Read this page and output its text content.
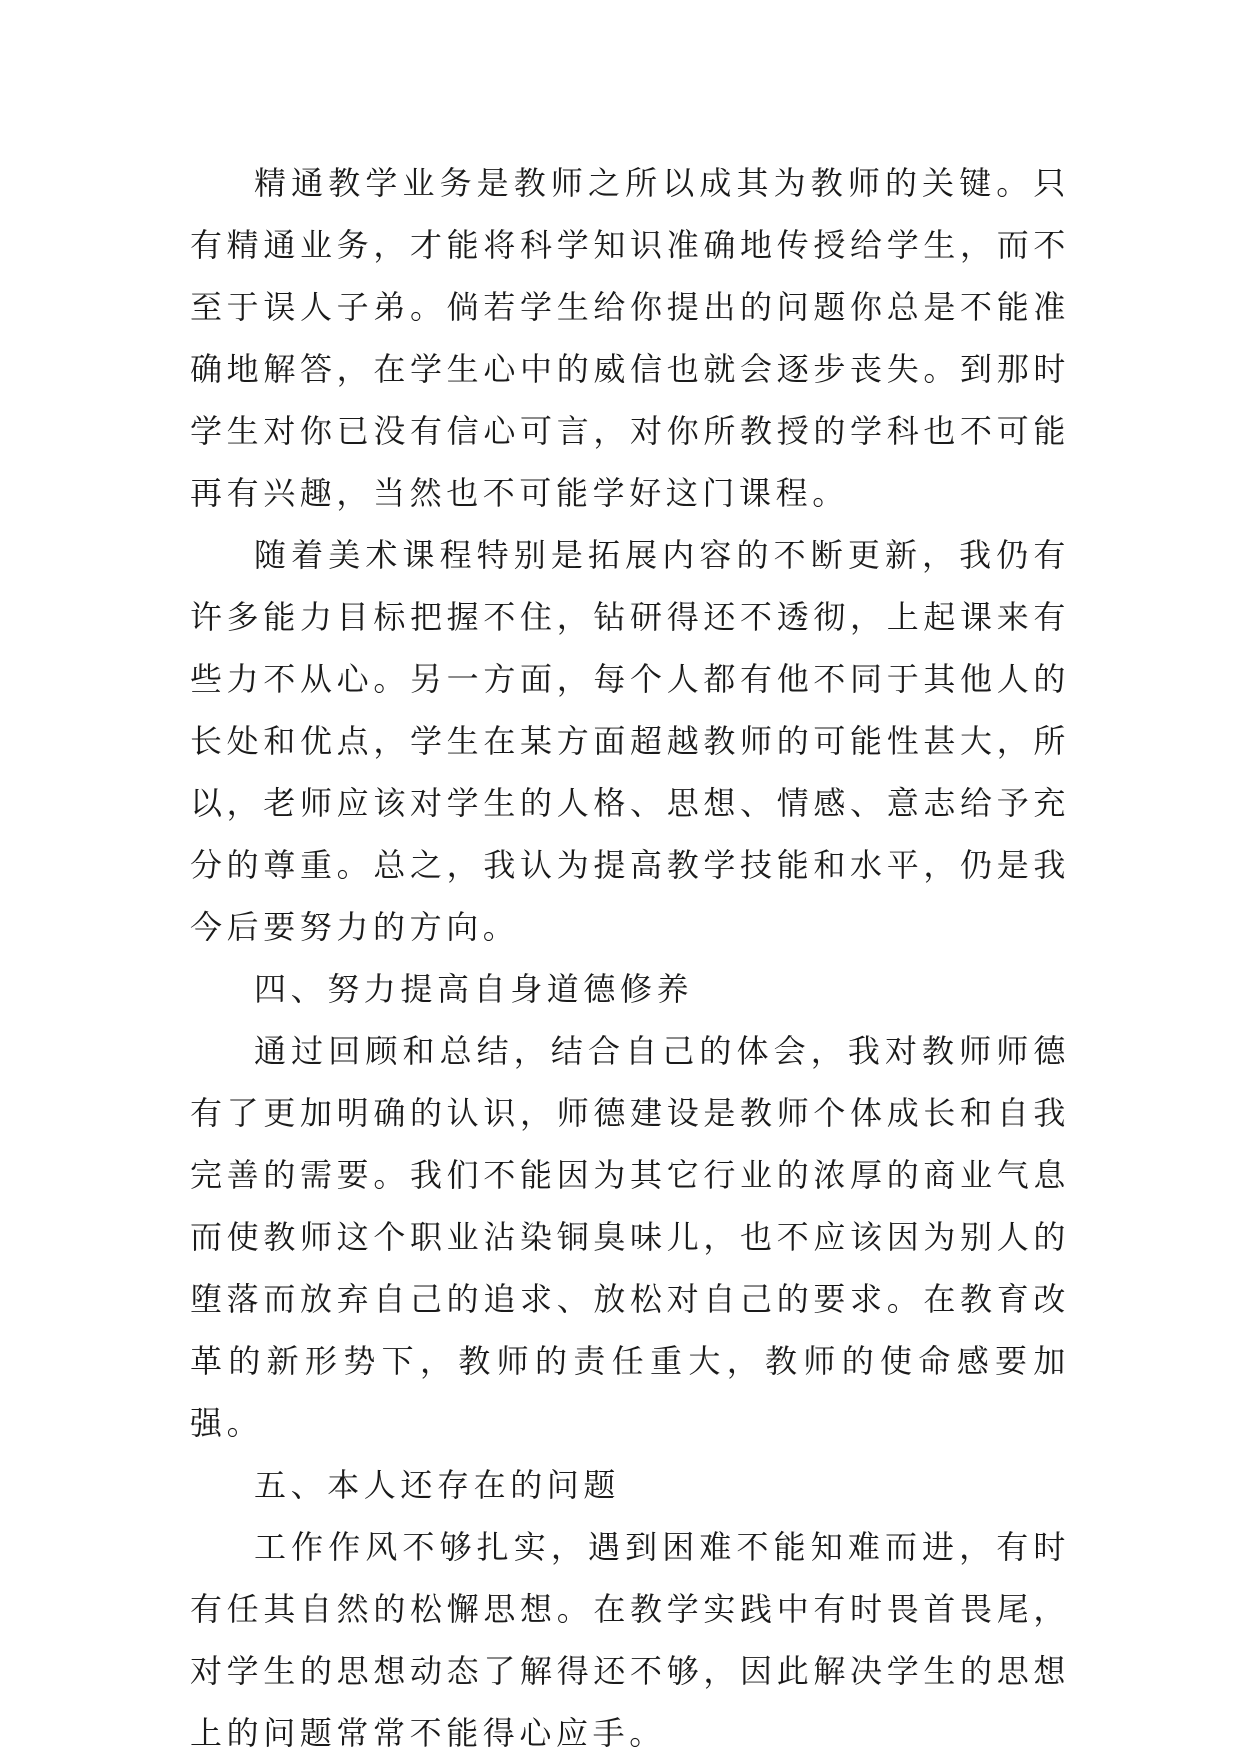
精通教学业务是教师之所以成其为教师的关键。只有精通业务，才能将科学知识准确地传授给学生，而不至于误人子弟。倘若学生给你提出的问题你总是不能准确地解答，在学生心中的威信也就会逐步丧失。到那时学生对你已没有信心可言，对你所教授的学科也不可能再有兴趣，当然也不可能学好这门课程。

随着美术课程特别是拓展内容的不断更新，我仍有许多能力目标把握不住，钻研得还不透彻，上起课来有些力不从心。另一方面，每个人都有他不同于其他人的长处和优点，学生在某方面超越教师的可能性甚大，所以，老师应该对学生的人格、思想、情感、意志给予充分的尊重。总之，我认为提高教学技能和水平，仍是我今后要努力的方向。

四、努力提高自身道德修养

通过回顾和总结，结合自己的体会，我对教师师德有了更加明确的认识，师德建设是教师个体成长和自我完善的需要。我们不能因为其它行业的浓厚的商业气息而使教师这个职业沾染铜臭味儿，也不应该因为别人的堕落而放弃自己的追求、放松对自己的要求。在教育改革的新形势下，教师的责任重大，教师的使命感要加强。

五、本人还存在的问题

工作作风不够扎实，遇到困难不能知难而进，有时有任其自然的松懈思想。在教学实践中有时畏首畏尾，对学生的思想动态了解得还不够，因此解决学生的思想上的问题常常不能得心应手。
